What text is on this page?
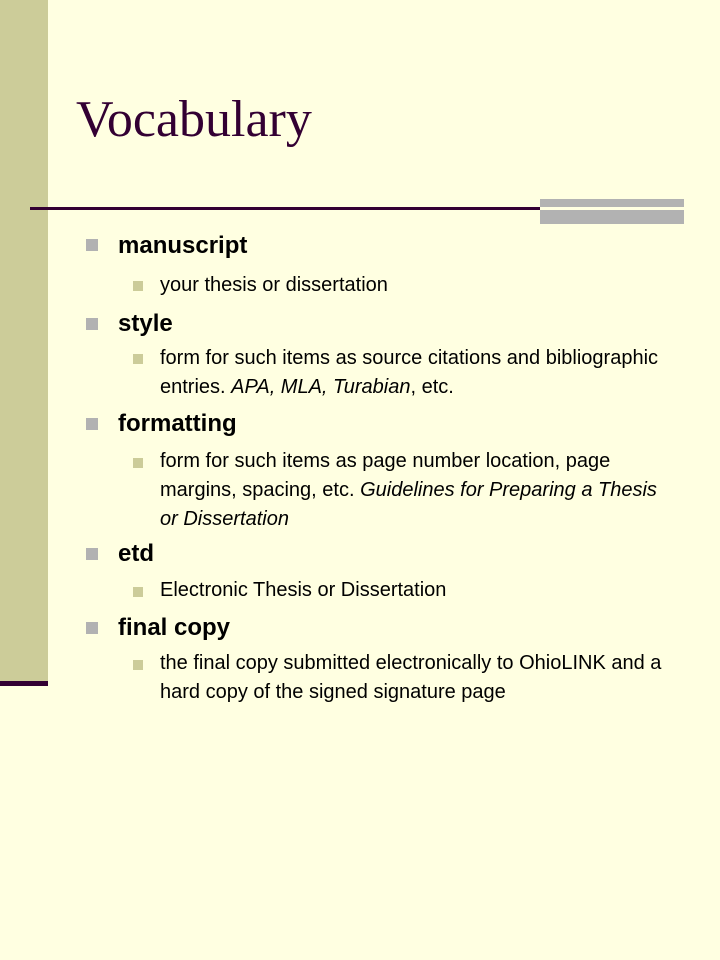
Vocabulary
manuscript
your thesis or dissertation
style
form for such items as source citations and bibliographic entries. APA, MLA, Turabian, etc.
formatting
form for such items as page number location, page margins, spacing, etc. Guidelines for Preparing a Thesis or Dissertation
etd
Electronic Thesis or Dissertation
final copy
the final copy submitted electronically to OhioLINK and a hard copy of the signed signature page
